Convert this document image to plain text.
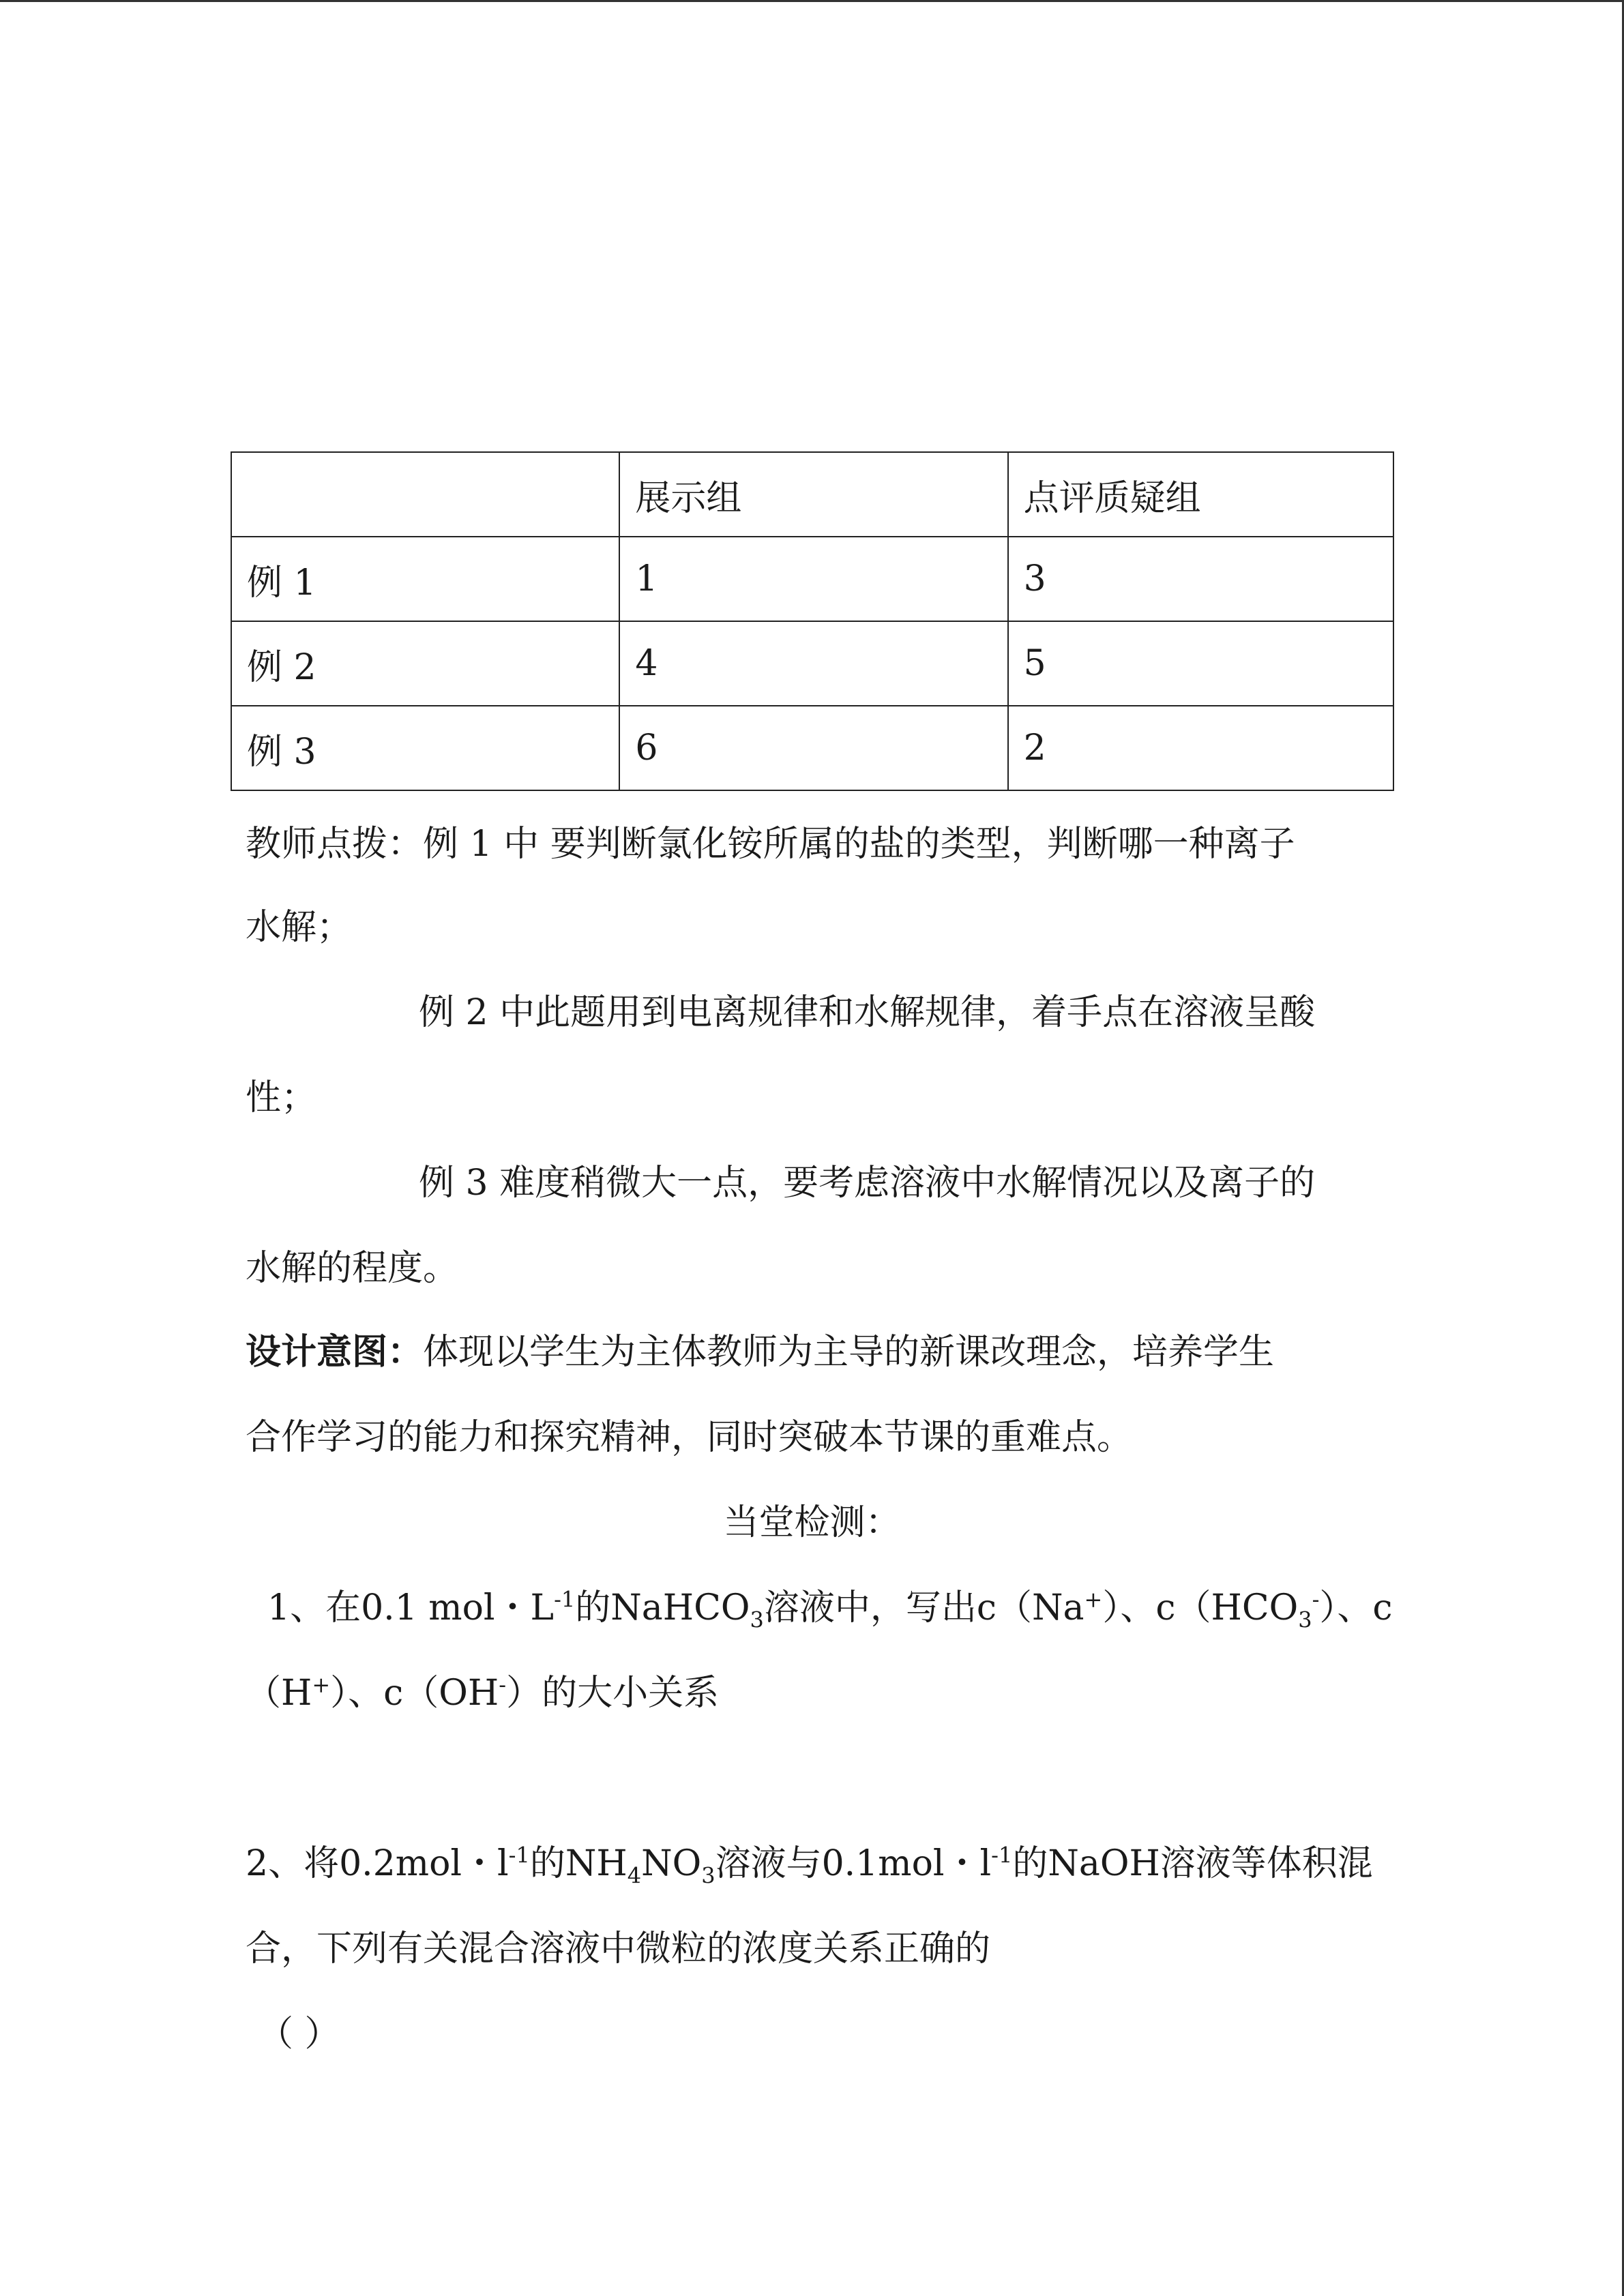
	展示组	点评质疑组
例 1	1	3
例 2	4	5
例 3	6	2
教师点拨：例 1 中 要判断氯化铵所属的盐的类型，判断哪一种离子
水解；
例 2 中此题用到电离规律和水解规律，着手点在溶液呈酸
性；
例 3 难度稍微大一点，要考虑溶液中水解情况以及离子的
水解的程度。
设计意图：体现以学生为主体教师为主导的新课改理念，培养学生
合作学习的能力和探究精神，同时突破本节课的重难点。
当堂检测：
1、在0.1 mol・$L^{-1}$的NaHCO$_3$溶液中，写出c（Na+）、$c(HCO_3^-)$、c
（H+）、c（OH-）的大小关系
2、将0.2mol・$l^{-1}$的$NH_4NO_3$溶液与0.1mol・$l^{-1}$的NaOH溶液等体积混
合，下列有关混合溶液中微粒的浓度关系正确的
（ ）
